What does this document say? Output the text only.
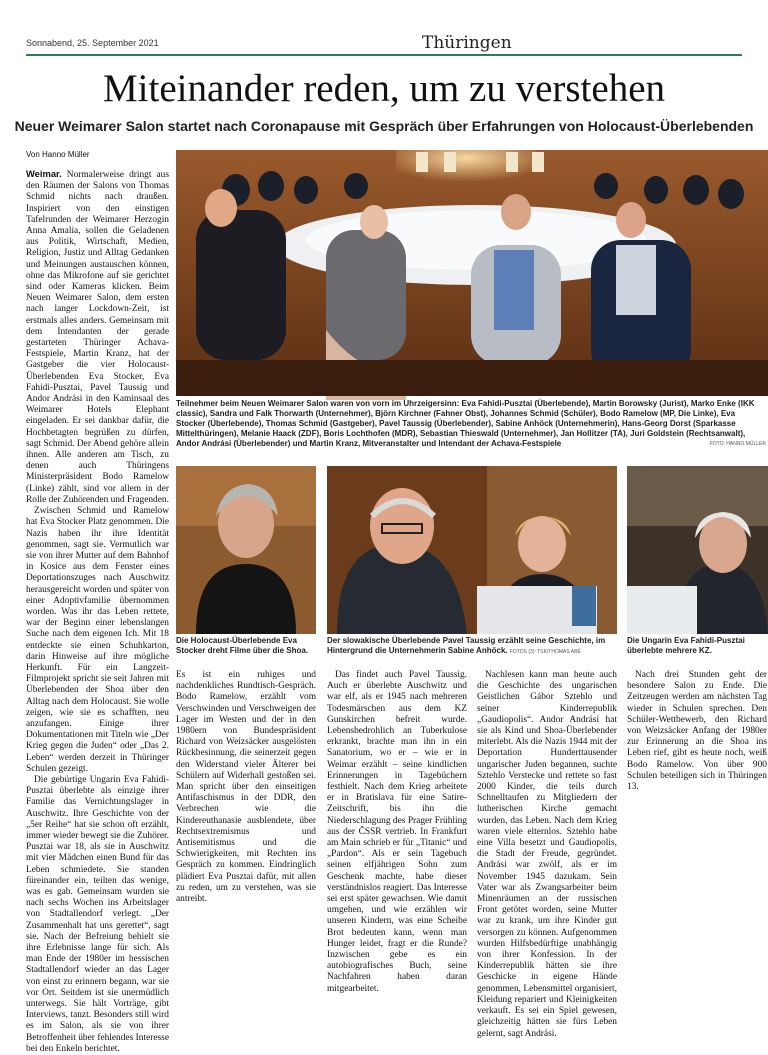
Sonnabend, 25. September 2021	Thüringen
Miteinander reden, um zu verstehen
Neuer Weimarer Salon startet nach Coronapause mit Gespräch über Erfahrungen von Holocaust-Überlebenden
Von Hanno Müller

Weimar. Normalerweise dringt aus den Räumen der Salons von Thomas Schmid nichts nach draußen. Inspiriert von den einstigen Tafelrunden der Weimarer Herzogin Anna Amalia, sollen die Geladenen aus Politik, Wirtschaft, Medien, Religion, Justiz und Alltag Gedanken und Meinungen austauschen können, ohne das Mikrofone auf sie gerichtet sind oder Kameras klicken. Beim Neuen Weimarer Salon, dem ersten nach langer Lockdown-Zeit, ist erstmals alles anders. Gemeinsam mit dem Intendanten der gerade gestarteten Thüringer Achava-Festspiele, Martin Kranz, hat der Gastgeber die vier Holocaust-Überlebenden Eva Stocker, Eva Fahidi-Pusztai, Pavel Taussig und Andor Andrási in den Kaminsaal des Weimarer Hotels Elephant eingeladen. Er sei dankbar dafür, die Hochbetagten begrüßen zu dürfen, sagt Schmid. Der Abend gehöre allein ihnen. Alle anderen am Tisch, zu denen auch Thüringens Ministerpräsident Bodo Ramelow (Linke) zählt, sind vor allem in der Rolle der Zuhörenden und Fragenden.

Zwischen Schmid und Ramelow hat Eva Stocker Platz genommen. Die Nazis haben ihr ihre Identität genommen, sagt sie. Vermutlich war sie von ihrer Mutter auf dem Bahnhof in Kosice aus dem Fenster eines Deportationszuges nach Auschwitz herausgereicht worden und später von einer Adoptivfamilie übernommen worden. Was ihr das Leben rettete, war der Beginn einer lebenslangen Suche nach dem eigenen Ich. Mit 18 entdeckte sie einen Schuhkarton, darin Hinweise auf ihre mögliche Herkunft. Für ein Langzeit-Filmprojekt spricht sie seit Jahren mit Überlebenden der Shoa über den Alltag nach dem Holocaust. Sie wolle zeigen, wie sie es schafften, neu anzufangen. Einige ihrer Dokumentationen mit Titeln wie „Der Krieg gegen die Juden“ oder „Das 2. Leben“ werden derzeit in Thüringer Schulen gezeigt.

Die gebürtige Ungarin Eva Fahidi-Pusztai überlebte als einzige ihrer Familie das Vernichtungslager in Auschwitz. Ihre Geschichte von der „5er Reihe“ hat sie schon oft erzählt, immer wieder bewegt sie die Zuhörer. Pusztai war 18, als sie in Auschwitz mit vier Mädchen einen Bund für das Leben schmiedete. Sie standen füreinander ein, teilten das wenige, was es gab. Gemeinsam wurden sie nach sechs Wochen ins Arbeitslager von Stadtallendorf verlegt. „Der Zusammenhalt hat uns gerettet“, sagt sie. Nach der Befreiung behielt sie ihre Erlebnisse lange für sich. Als man Ende der 1980er im hessischen Stadtallendorf wieder an das Lager von einst zu erinnern begann, war sie vor Ort. Seitdem ist sie unermüdlich unterwegs. Sie hält Vorträge, gibt Interviews, tanzt. Besonders still wird es im Salon, als sie von ihrer Betroffenheit über fehlendes Interesse bei den Enkeln berichtet.

Teilnehmer beim Neuen Weimarer Salon waren von vorn im Uhrzeigersinn: Eva Fahidi-Pusztai (Überlebende), Martin Borowsky (Jurist), Marko Enke (IKK classic), Sandra und Falk Thorwarth (Unternehmer), Björn Kirchner (Fahner Obst), Johannes Schmid (Schüler), Bodo Ramelow (MP, Die Linke), Eva Stocker (Überlebende), Thomas Schmid (Gastgeber), Pavel Taussig (Überlebender), Sabine Anhöck (Unternehmerin), Hans-Georg Dorst (Sparkasse Mittelthüringen), Melanie Haack (ZDF), Boris Lochthofen (MDR), Sebastian Thieswald (Unternehmer), Jan Hollitzer (TA), Juri Goldstein (Rechtsanwalt), Andor Andrási (Überlebender) und Martin Kranz, Mitveranstalter und Intendant der Achava-Festspiele	FOTO: HANNO MÜLLER
Die Holocaust-Überlebende Eva Stocker dreht Filme über die Shoa.
Der slowakische Überlebende Pavel Taussig erzählt seine Geschichte, im Hintergrund die Unternehmerin Sabine Anhöck. FOTOS (3): TSK/THOMAS ABÉ
Die Ungarin Eva Fahidi-Pusztai überlebte mehrere KZ.

Es ist ein ruhiges und nachdenkliches Rundtisch-Gespräch. Bodo Ramelow, erzählt vom Verschwinden und Verschweigen der Lager im Westen und der in den 1980ern von Bundespräsident Richard von Weizsäcker ausgelösten Rückbesinnung, die seinerzeit gegen den Widerstand vieler Älterer bei Schülern auf Widerhall gestoßen sei. Man spricht über den einseitigen Antifaschismus in der DDR, den Verbrechen wie die Kindereuthanasie ausblendete, über Rechtsextremismus und Antisemitismus und die Schwierigkeiten, mit Rechten ins Gespräch zu kommen. Eindringlich plädiert Eva Pusztai dafür, mit allen zu reden, um zu verstehen, was sie antreibt.

Das findet auch Pavel Taussig. Auch er überlebte Auschwitz und war elf, als er 1945 nach mehreren Todesmärschen aus dem KZ Gunskirchen befreit wurde. Lebensbedrohlich an Tuberkulose erkrankt, brachte man ihn in ein Sanatorium, wo er – wie er in Weimar erzählt – seine kindlichen Erinnerungen in Tagebüchern festhielt. Nach dem Krieg arbeitete er in Bratislava für eine Satire-Zeitschrift, bis ihn die Niederschlagung des Prager Frühling aus der ČSSR vertrieb. In Frankfurt am Main schrieb er für „Titanic“ und „Pardon“. Als er sein Tagebuch seinen elfjährigen Sohn zum Geschenk machte, habe dieser verständnislos reagiert. Das Interesse sei erst später gewachsen. Wie damit umgehen, und wie erzählen wir unseren Kindern, was eine Scheibe Brot bedeuten kann, wenn man Hunger leidet, fragt er die Runde? Inzwischen gebe es ein autobiografisches Buch, seine Nachfahren haben daran mitgearbeitet.

Nachlesen kann man heute auch die Geschichte des ungarischen Geistlichen Gábor Sztehlo und seiner Kinderrepublik „Gaudiopolis“. Andor Andrási hat sie als Kind und Shoa-Überlebender miterlebt. Als die Nazis 1944 mit der Deportation Hunderttausender ungarischer Juden begannen, suchte Sztehlo Verstecke und rettete so fast 2000 Kinder, die teils durch Schnelltaufen zu Mitgliedern der lutherischen Kirche gemacht wurden, das Leben. Nach dem Krieg waren viele elternlos. Sztehlo habe eine Villa besetzt und Gaudiopolis, die Stadt der Freude, gegründet. Andrási war zwölf, als er im November 1945 dazukam. Sein Vater war als Zwangsarbeiter beim Minenräumen an der russischen Front getötet worden, seine Mutter war zu krank, um ihre Kinder gut versorgen zu können. Aufgenommen wurden Hilfsbedürftige unabhängig von ihrer Konfession. In der Kinderrepublik hätten sie ihre Geschicke in eigene Hände genommen, Lebensmittel organisiert, Kleidung repariert und Kleinigkeiten verkauft. Es sei ein Spiel gewesen, gleichzeitig hätten sie fürs Leben gelernt, sagt Andrási.

Nach drei Stunden geht der besondere Salon zu Ende. Die Zeitzeugen werden am nächsten Tag wieder in Schulen sprechen. Den Schüler-Wettbewerb, den Richard von Weizsäcker Anfang der 1980er zur Erinnerung an die Shoa ins Leben rief, gibt es heute noch, weiß Bodo Ramelow. Von über 900 Schulen beteiligen sich in Thüringen 13.
